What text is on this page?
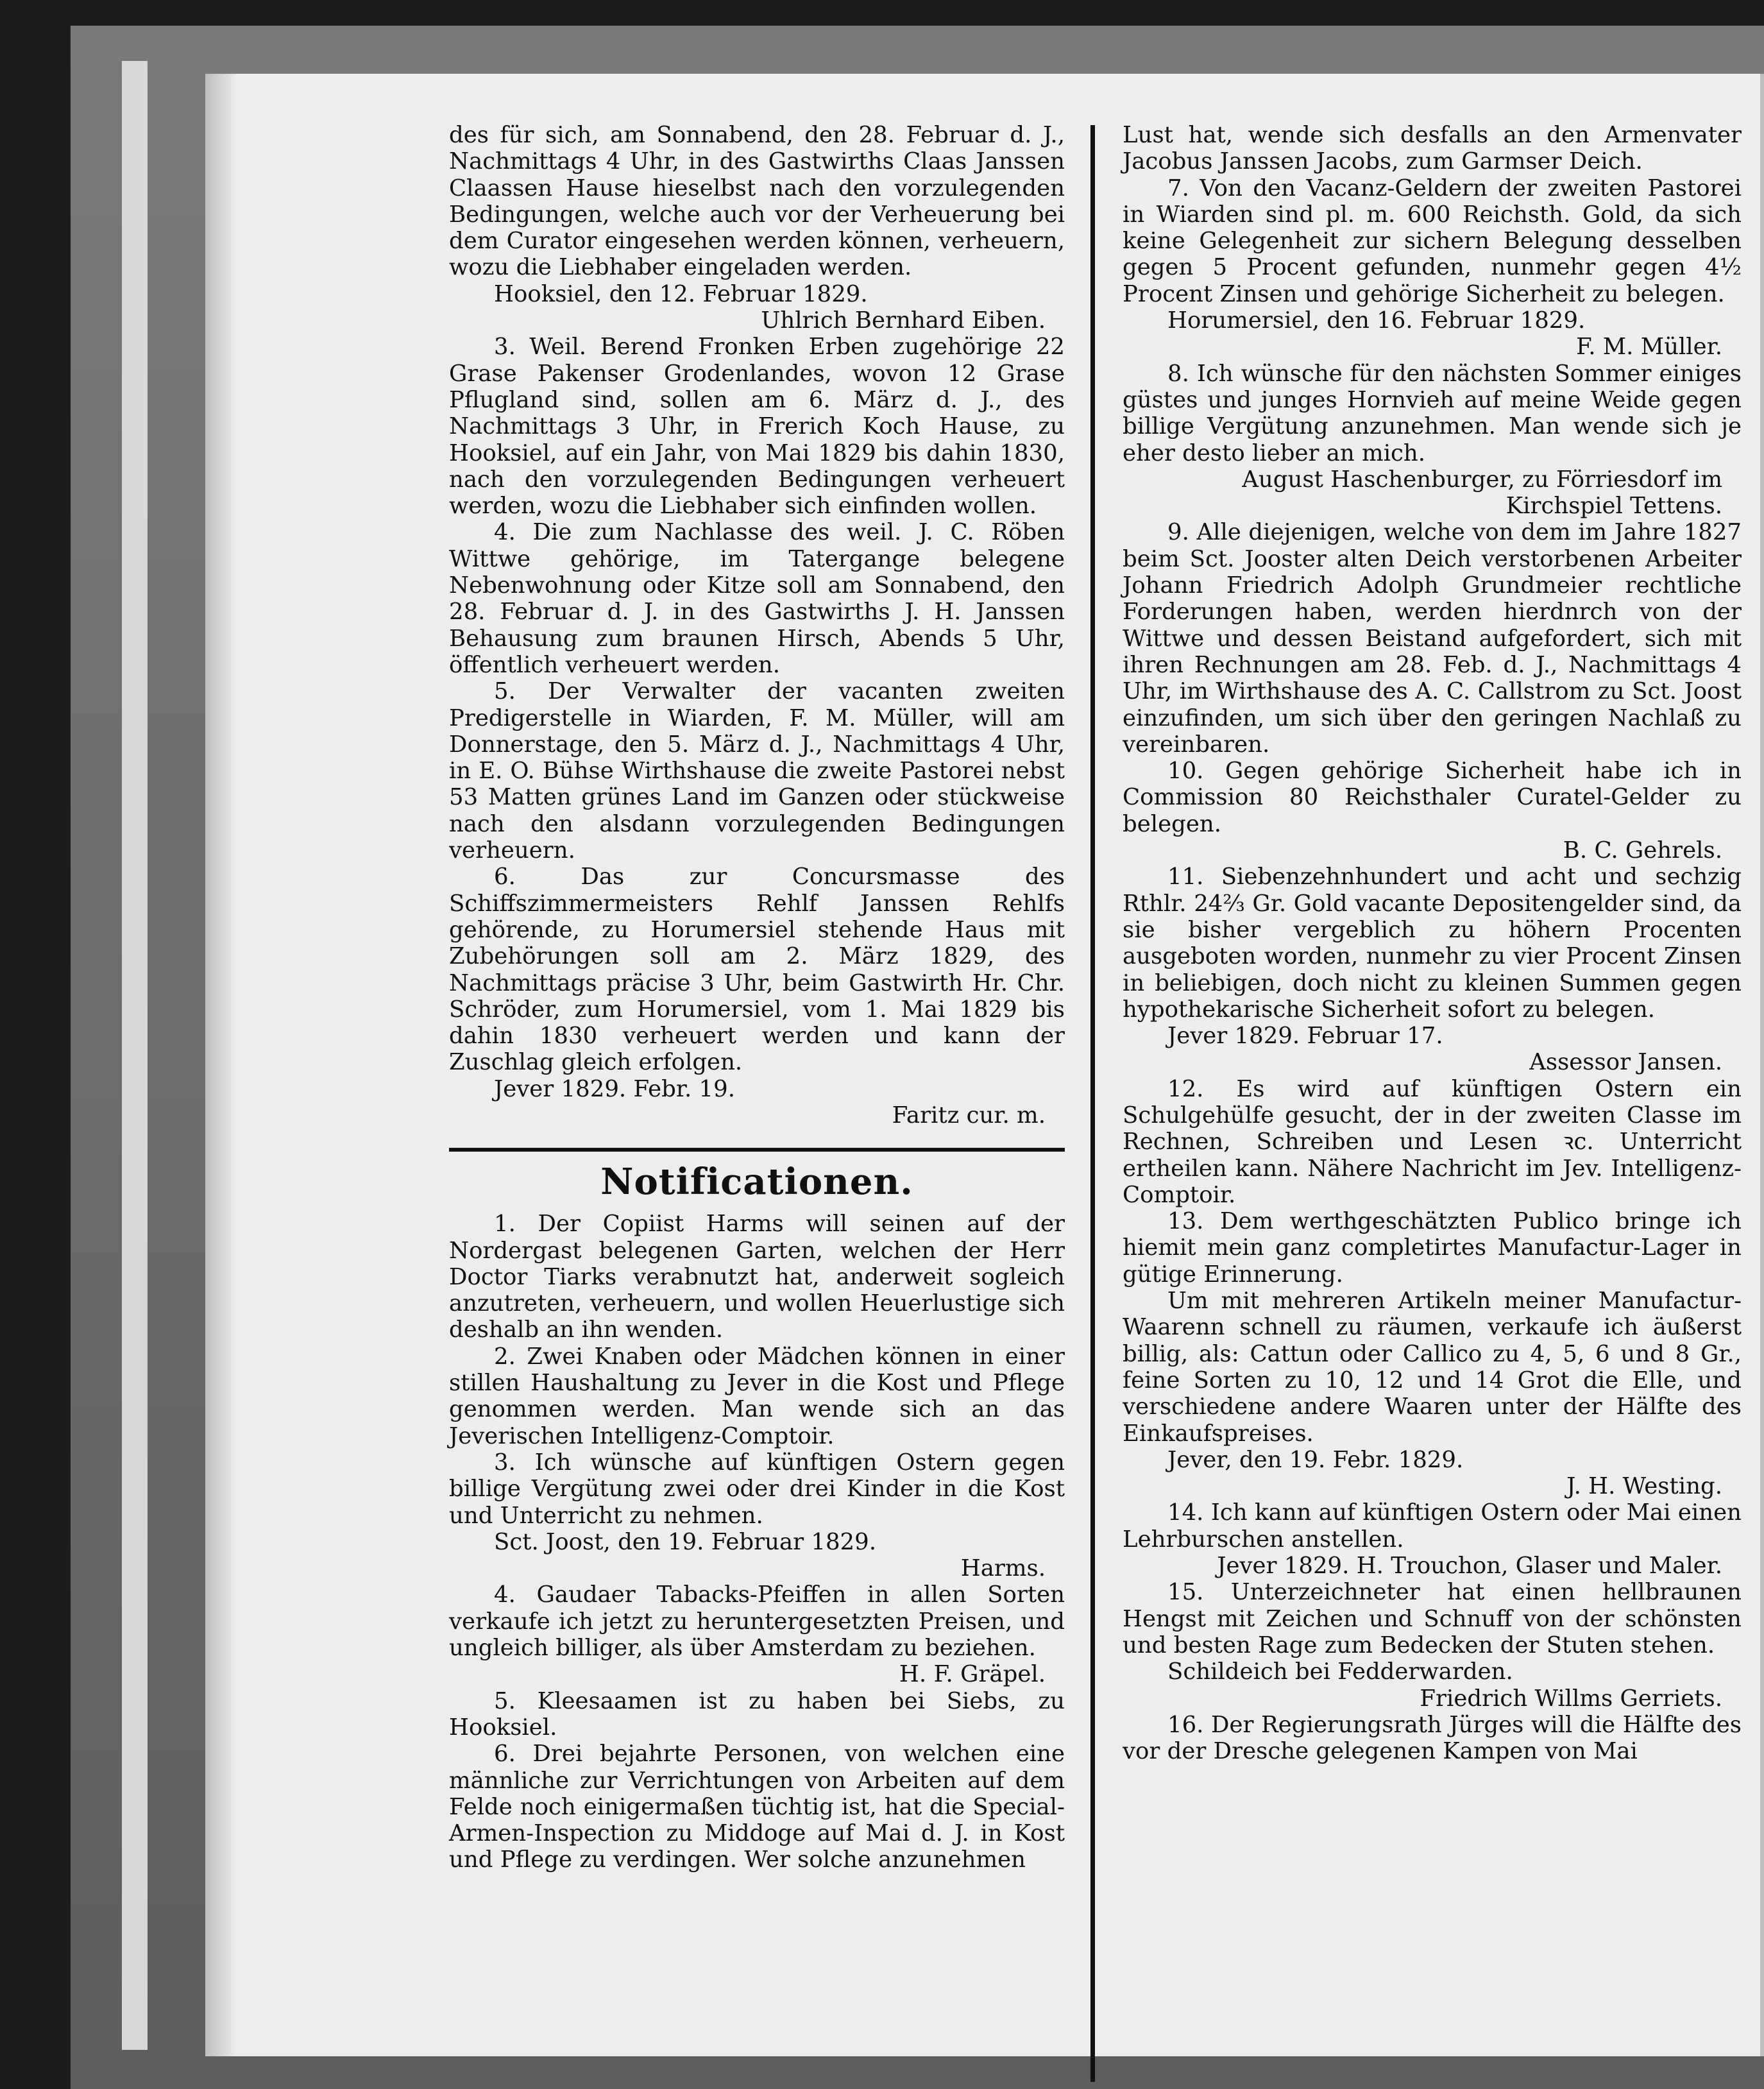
des für sich, am Sonnabend, den 28. Februar d. J., Nachmittags 4 Uhr, in des Gastwirths Claas Janssen Claassen Hause hieselbst nach den vorzulegenden Bedingungen, welche auch vor der Verheuerung bei dem Curator eingesehen werden können, verheuern, wozu die Liebhaber eingeladen werden.

Hooksiel, den 12. Februar 1829.

Uhlrich Bernhard Eiben.

3. Weil. Berend Fronken Erben zugehörige 22 Grase Pakenser Grodenlandes, wovon 12 Grase Pflugland sind, sollen am 6. März d. J., des Nachmittags 3 Uhr, in Frerich Koch Hause, zu Hooksiel, auf ein Jahr, von Mai 1829 bis dahin 1830, nach den vorzulegenden Bedingungen verheuert werden, wozu die Liebhaber sich einfinden wollen.

4. Die zum Nachlasse des weil. J. C. Röben Wittwe gehörige, im Tatergange belegene Nebenwohnung oder Kitze soll am Sonnabend, den 28. Februar d. J. in des Gastwirths J. H. Janssen Behausung zum braunen Hirsch, Abends 5 Uhr, öffentlich verheuert werden.

5. Der Verwalter der vacanten zweiten Predigerstelle in Wiarden, F. M. Müller, will am Donnerstage, den 5. März d. J., Nachmittags 4 Uhr, in E. O. Bühse Wirthshause die zweite Pastorei nebst 53 Matten grünes Land im Ganzen oder stückweise nach den alsdann vorzulegenden Bedingungen verheuern.

6. Das zur Concursmasse des Schiffszimmermeisters Rehlf Janssen Rehlfs gehörende, zu Horumersiel stehende Haus mit Zubehörungen soll am 2. März 1829, des Nachmittags präcise 3 Uhr, beim Gastwirth Hr. Chr. Schröder, zum Horumersiel, vom 1. Mai 1829 bis dahin 1830 verheuert werden und kann der Zuschlag gleich erfolgen.

Jever 1829. Febr. 19.

Faritz cur. m.

Notificationen.

1. Der Copiist Harms will seinen auf der Nordergast belegenen Garten, welchen der Herr Doctor Tiarks verabnutzt hat, anderweit sogleich anzutreten, verheuern, und wollen Heuerlustige sich deshalb an ihn wenden.

2. Zwei Knaben oder Mädchen können in einer stillen Haushaltung zu Jever in die Kost und Pflege genommen werden. Man wende sich an das Jeverischen Intelligenz-Comptoir.

3. Ich wünsche auf künftigen Ostern gegen billige Vergütung zwei oder drei Kinder in die Kost und Unterricht zu nehmen.

Sct. Joost, den 19. Februar 1829.

Harms.

4. Gaudaer Tabacks-Pfeiffen in allen Sorten verkaufe ich jetzt zu heruntergesetzten Preisen, und ungleich billiger, als über Amsterdam zu beziehen.

H. F. Gräpel.

5. Kleesaamen ist zu haben bei Siebs, zu Hooksiel.

6. Drei bejahrte Personen, von welchen eine männliche zur Verrichtungen von Arbeiten auf dem Felde noch einigermaßen tüchtig ist, hat die Special-Armen-Inspection zu Middoge auf Mai d. J. in Kost und Pflege zu verdingen. Wer solche anzunehmen

Lust hat, wende sich desfalls an den Armenvater Jacobus Janssen Jacobs, zum Garmser Deich.

7. Von den Vacanz-Geldern der zweiten Pastorei in Wiarden sind pl. m. 600 Reichsth. Gold, da sich keine Gelegenheit zur sichern Belegung desselben gegen 5 Procent gefunden, nunmehr gegen 4½ Procent Zinsen und gehörige Sicherheit zu belegen.

Horumersiel, den 16. Februar 1829.

F. M. Müller.

8. Ich wünsche für den nächsten Sommer einiges güstes und junges Hornvieh auf meine Weide gegen billige Vergütung anzunehmen. Man wende sich je eher desto lieber an mich.

August Haschenburger, zu Förriesdorf im Kirchspiel Tettens.

9. Alle diejenigen, welche von dem im Jahre 1827 beim Sct. Jooster alten Deich verstorbenen Arbeiter Johann Friedrich Adolph Grundmeier rechtliche Forderungen haben, werden hierdnrch von der Wittwe und dessen Beistand aufgefordert, sich mit ihren Rechnungen am 28. Feb. d. J., Nachmittags 4 Uhr, im Wirthshause des A. C. Callstrom zu Sct. Joost einzufinden, um sich über den geringen Nachlaß zu vereinbaren.

10. Gegen gehörige Sicherheit habe ich in Commission 80 Reichsthaler Curatel-Gelder zu belegen.

B. C. Gehrels.

11. Siebenzehnhundert und acht und sechzig Rthlr. 24⅔ Gr. Gold vacante Depositengelder sind, da sie bisher vergeblich zu höhern Procenten ausgeboten worden, nunmehr zu vier Procent Zinsen in beliebigen, doch nicht zu kleinen Summen gegen hypothekarische Sicherheit sofort zu belegen.

Jever 1829. Februar 17.

Assessor Jansen.

12. Es wird auf künftigen Ostern ein Schulgehülfe gesucht, der in der zweiten Classe im Rechnen, Schreiben und Lesen ꝛc. Unterricht ertheilen kann. Nähere Nachricht im Jev. Intelligenz-Comptoir.

13. Dem werthgeschätzten Publico bringe ich hiemit mein ganz completirtes Manufactur-Lager in gütige Erinnerung.

Um mit mehreren Artikeln meiner Manufactur-Waarenn schnell zu räumen, verkaufe ich äußerst billig, als: Cattun oder Callico zu 4, 5, 6 und 8 Gr., feine Sorten zu 10, 12 und 14 Grot die Elle, und verschiedene andere Waaren unter der Hälfte des Einkaufspreises.

Jever, den 19. Febr. 1829.

J. H. Westing.

14. Ich kann auf künftigen Ostern oder Mai einen Lehrburschen anstellen.

Jever 1829. H. Trouchon, Glaser und Maler.

15. Unterzeichneter hat einen hellbraunen Hengst mit Zeichen und Schnuff von der schönsten und besten Rage zum Bedecken der Stuten stehen.

Schildeich bei Fedderwarden.

Friedrich Willms Gerriets.

16. Der Regierungsrath Jürges will die Hälfte des vor der Dresche gelegenen Kampen von Mai
